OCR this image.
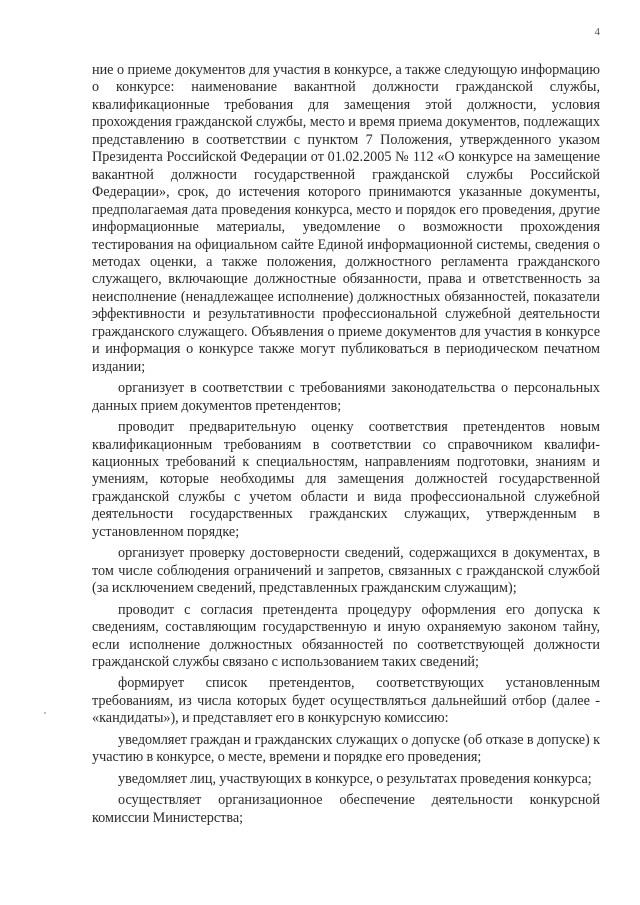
4

ние о приеме документов для участия в конкурсе, а также следующую информацию о конкурсе: наименование вакантной должности гражданской службы, квалификационные требования для замещения этой должности, условия прохождения гражданской службы, место и время приема документов, подлежащих представлению в соответствии с пунктом 7 Положения, утвержденного указом Президента Российской Федерации от 01.02.2005 № 112 «О конкурсе на замещение вакантной должности государственной гражданской службы Российской Федерации», срок, до истечения которого принимаются указанные документы, предполагаемая дата проведения конкурса, место и порядок его проведения, другие информационные материалы, уведомление о возможности прохождения тестирования на официальном сайте Единой информационной системы, сведения о методах оценки, а также положения, должностного регламента гражданского служащего, включающие должностные обязанности, права и ответственность за неисполнение (ненадлежащее исполнение) должностных обязанностей, показатели эффективности и результативности профессиональной служебной деятельности гражданского служащего. Объявления о приеме документов для участия в конкурсе и информация о конкурсе также могут публиковаться в периодическом печатном издании;

организует в соответствии с требованиями законодательства о персональных данных прием документов претендентов;

проводит предварительную оценку соответствия претендентов новым квалификационным требованиям в соответствии со справочником квалификационных требований к специальностям, направлениям подготовки, знаниям и умениям, которые необходимы для замещения должностей государственной гражданской службы с учетом области и вида профессиональной служебной деятельности государственных гражданских служащих, утвержденным в установленном порядке;

организует проверку достоверности сведений, содержащихся в документах, в том числе соблюдения ограничений и запретов, связанных с гражданской службой (за исключением сведений, представленных гражданским служащим);

проводит с согласия претендента процедуру оформления его допуска к сведениям, составляющим государственную и иную охраняемую законом тайну, если исполнение должностных обязанностей по соответствующей должности гражданской службы связано с использованием таких сведений;

формирует список претендентов, соответствующих установленным требованиям, из числа которых будет осуществляться дальнейший отбор (далее - «кандидаты»), и представляет его в конкурсную комиссию:

уведомляет граждан и гражданских служащих о допуске (об отказе в допуске) к участию в конкурсе, о месте, времени и порядке его проведения;

уведомляет лиц, участвующих в конкурсе, о результатах проведения конкурса;

осуществляет организационное обеспечение деятельности конкурсной комиссии Министерства;
